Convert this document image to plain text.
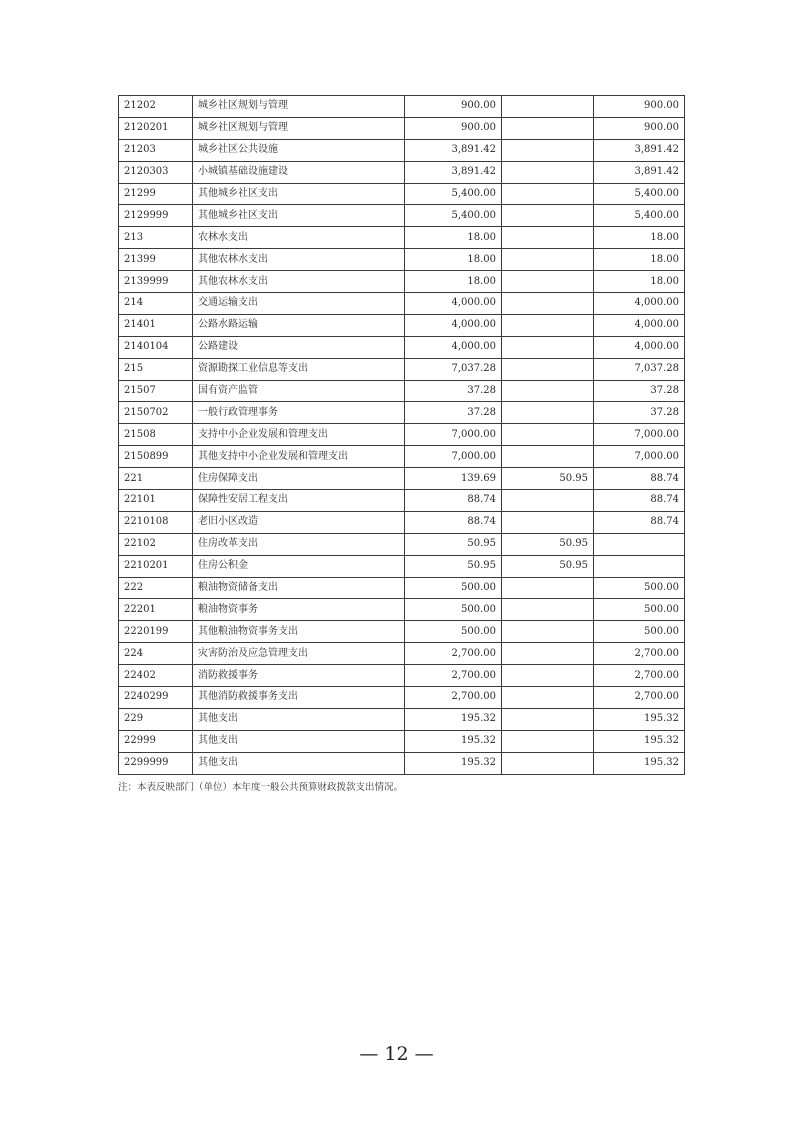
21202	城乡社区规划与管理	900.00		900.00
2120201	城乡社区规划与管理	900.00		900.00
21203	城乡社区公共设施	3,891.42		3,891.42
2120303	小城镇基础设施建设	3,891.42		3,891.42
21299	其他城乡社区支出	5,400.00		5,400.00
2129999	其他城乡社区支出	5,400.00		5,400.00
213	农林水支出	18.00		18.00
21399	其他农林水支出	18.00		18.00
2139999	其他农林水支出	18.00		18.00
214	交通运输支出	4,000.00		4,000.00
21401	公路水路运输	4,000.00		4,000.00
2140104	公路建设	4,000.00		4,000.00
215	资源勘探工业信息等支出	7,037.28		7,037.28
21507	国有资产监管	37.28		37.28
2150702	一般行政管理事务	37.28		37.28
21508	支持中小企业发展和管理支出	7,000.00		7,000.00
2150899	其他支持中小企业发展和管理支出	7,000.00		7,000.00
221	住房保障支出	139.69	50.95	88.74
22101	保障性安居工程支出	88.74		88.74
2210108	老旧小区改造	88.74		88.74
22102	住房改革支出	50.95	50.95	
2210201	住房公积金	50.95	50.95	
222	粮油物资储备支出	500.00		500.00
22201	粮油物资事务	500.00		500.00
2220199	其他粮油物资事务支出	500.00		500.00
224	灾害防治及应急管理支出	2,700.00		2,700.00
22402	消防救援事务	2,700.00		2,700.00
2240299	其他消防救援事务支出	2,700.00		2,700.00
229	其他支出	195.32		195.32
22999	其他支出	195.32		195.32
2299999	其他支出	195.32		195.32
注：本表反映部门（单位）本年度一般公共预算财政拨款支出情况。
— 12 —
